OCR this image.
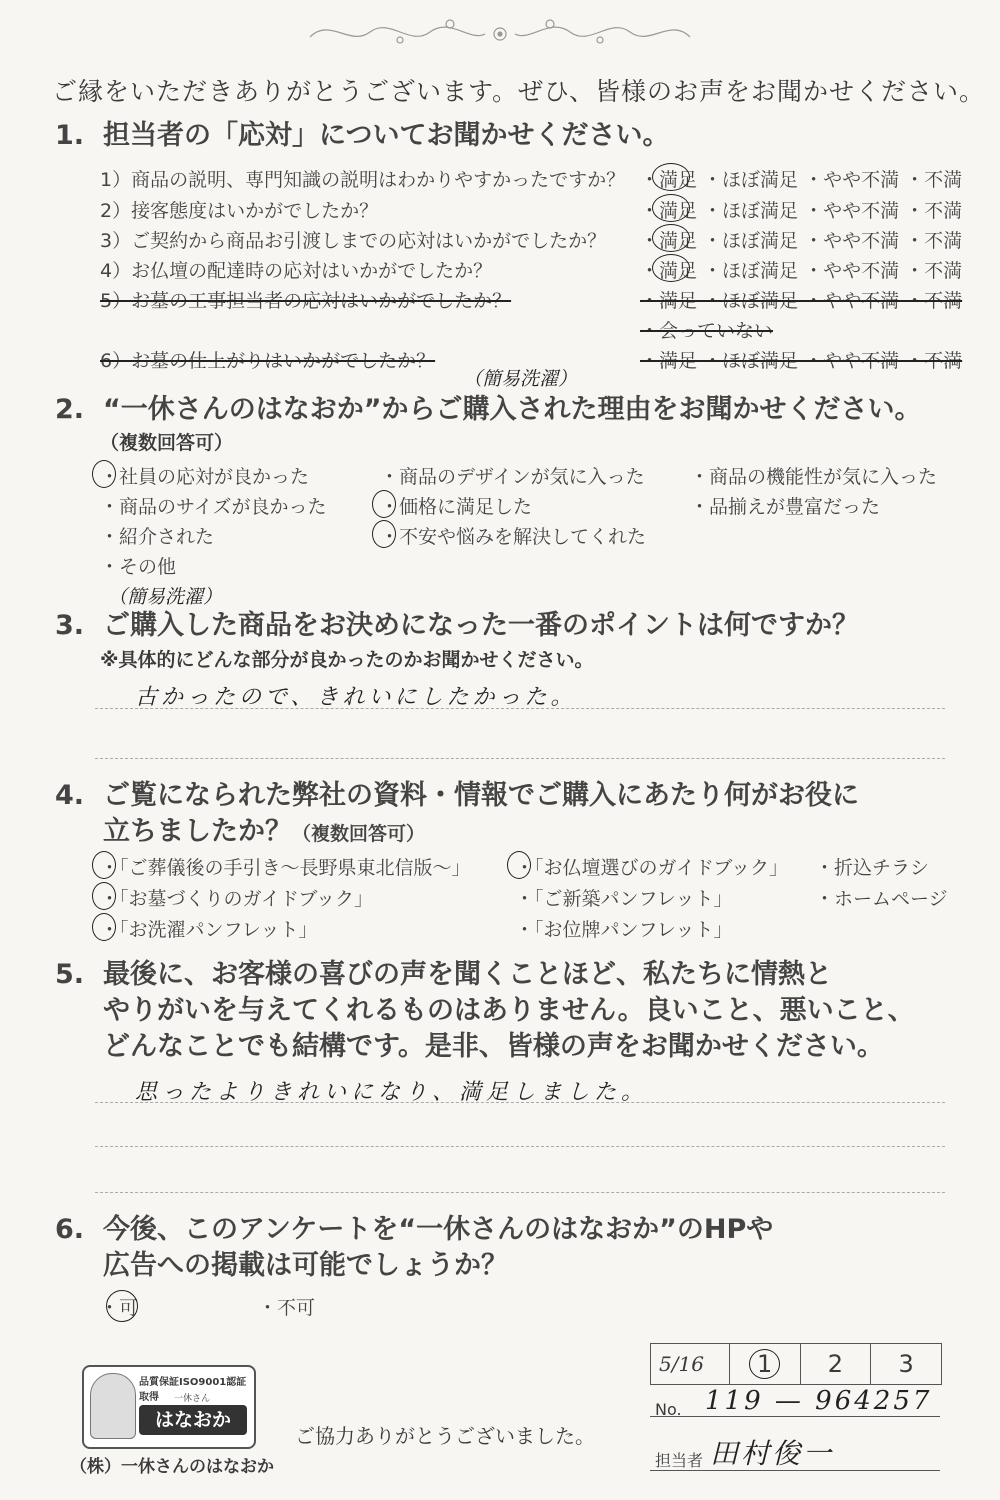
ご縁をいただきありがとうございます。ぜひ、皆様のお声をお聞かせください。
1. 担当者の「応対」についてお聞かせください。
1）商品の説明、専門知識の説明はわかりやすかったですか？ ・満足 ・ほぼ満足 ・やや不満 ・不満
2）接客態度はいかがでしたか？	・満足 ・ほぼ満足 ・やや不満 ・不満
3）ご契約から商品お引渡しまでの応対はいかがでしたか？ ・満足 ・ほぼ満足 ・やや不満 ・不満
4）お仏壇の配達時の応対はいかがでしたか？	・満足 ・ほぼ満足 ・やや不満 ・不満
5）お墓の工事担当者の応対はいかがでしたか？	・満足 ・ほぼ満足 ・やや不満 ・不満
・会っていない
6）お墓の仕上がりはいかがでしたか？	・満足 ・ほぼ満足 ・やや不満 ・不満
（簡易洗濯）
2. “一休さんのはなおか”からご購入された理由をお聞かせください。
（複数回答可）
・社員の応対が良かった	・商品のデザインが気に入った ・商品の機能性が気に入った
・商品のサイズが良かった	・価格に満足した	・品揃えが豊富だった
・紹介された	・不安や悩みを解決してくれた
・その他
（簡易洗濯）
3. ご購入した商品をお決めになった一番のポイントは何ですか？
※具体的にどんな部分が良かったのかお聞かせください。
古かったので、きれいにしたかった。
4. ご覧になられた弊社の資料・情報でご購入にあたり何がお役に
立ちましたか？（複数回答可）
・「ご葬儀後の手引き〜長野県東北信版〜」 ・「お仏壇選びのガイドブック」 ・折込チラシ
・「お墓づくりのガイドブック」	・「ご新築パンフレット」	・ホームページ
・「お洗濯パンフレット」	・「お位牌パンフレット」
5. 最後に、お客様の喜びの声を聞くことほど、私たちに情熱と
やりがいを与えてくれるものはありません。良いこと、悪いこと、
どんなことでも結構です。是非、皆様の声をお聞かせください。
思ったよりきれいになり、満足しました。
6. 今後、このアンケートを“一休さんのはなおか”のHPや
広告への掲載は可能でしょうか？
・可	・不可
品質保証ISO9001認証取得	一休さん
はなおか
（株）一休さんのはなおか
ご協力ありがとうございました。
5/16	1	2	3
No. 119 — 964257
担当者 田村俊一
